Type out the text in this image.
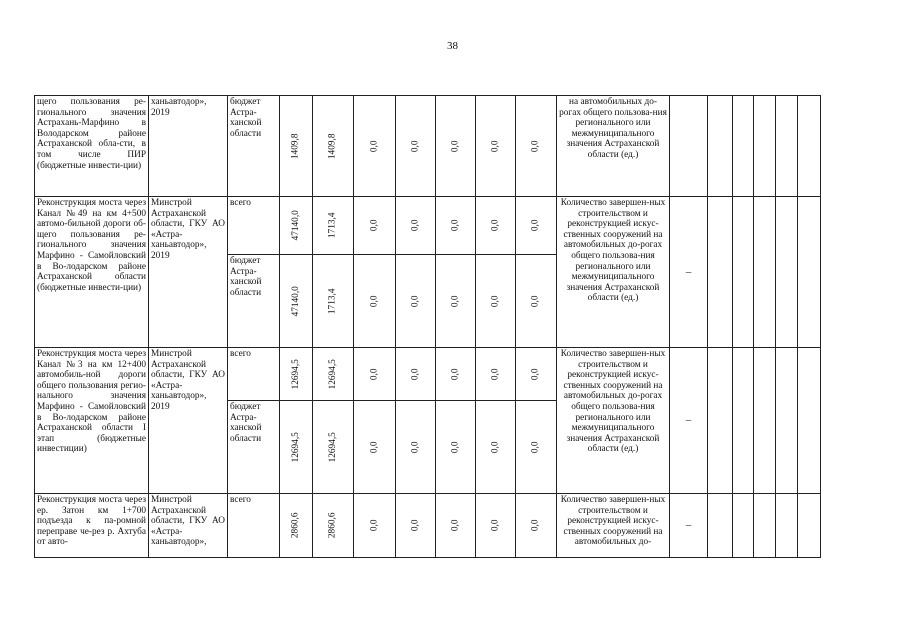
38
щего пользования ре-гионального значения Астрахань-Марфино в Володарском районе Астраханской обла-сти, в том числе ПИР (бюджетные инвести-ции)	ханьавтодор», 2019	бюджет Астра-ханской области	1409,8	1409,8	0,0	0,0	0,0	0,0	0,0	на автомобильных до-рогах общего пользова-ния регионального или межмуниципального значения Астраханской области (ед.)						
Реконструкция моста через Канал №49 на км 4+500 автомо-бильной дороги об-щего пользования ре-гионального значения Марфино - Самойловский в Во-лодарском районе Астраханской области (бюджетные инвести-ции)	Минстрой Астраханской области, ГКУ АО «Астра-ханьавтодор», 2019	всего	47140,0	1713,4	0,0	0,0	0,0	0,0	0,0	Количество завершен-ных строительством и реконструкцией искус-ственных сооружений на автомобильных до-рогах общего пользова-ния регионального или межмуниципального значения Астраханской области (ед.)	–					
		бюджет Астра-ханской области	47140,0	1713,4	0,0	0,0	0,0	0,0	0,0							
Реконструкция моста через Канал №3 на км 12+400 автомобиль-ной дороги общего пользования регио-нального значения Марфино - Самойловский в Во-лодарском районе Астраханской области I этап (бюджетные инвестиции)	Минстрой Астраханской области, ГКУ АО «Астра-ханьавтодор», 2019	всего	12694,5	12694,5	0,0	0,0	0,0	0,0	0,0	Количество завершен-ных строительством и реконструкцией искус-ственных сооружений на автомобильных до-рогах общего пользова-ния регионального или межмуниципального значения Астраханской области (ед.)	–					
		бюджет Астра-ханской области	12694,5	12694,5	0,0	0,0	0,0	0,0	0,0							
Реконструкция моста через ер. Затон км 1+700 подъезда к па-ромной переправе че-рез р. Ахтуба от авто-	Минстрой Астраханской области, ГКУ АО «Астра-ханьавтодор»,	всего	2860,6	2860,6	0,0	0,0	0,0	0,0	0,0	Количество завершен-ных строительством и реконструкцией искус-ственных сооружений на автомобильных до-	–					
